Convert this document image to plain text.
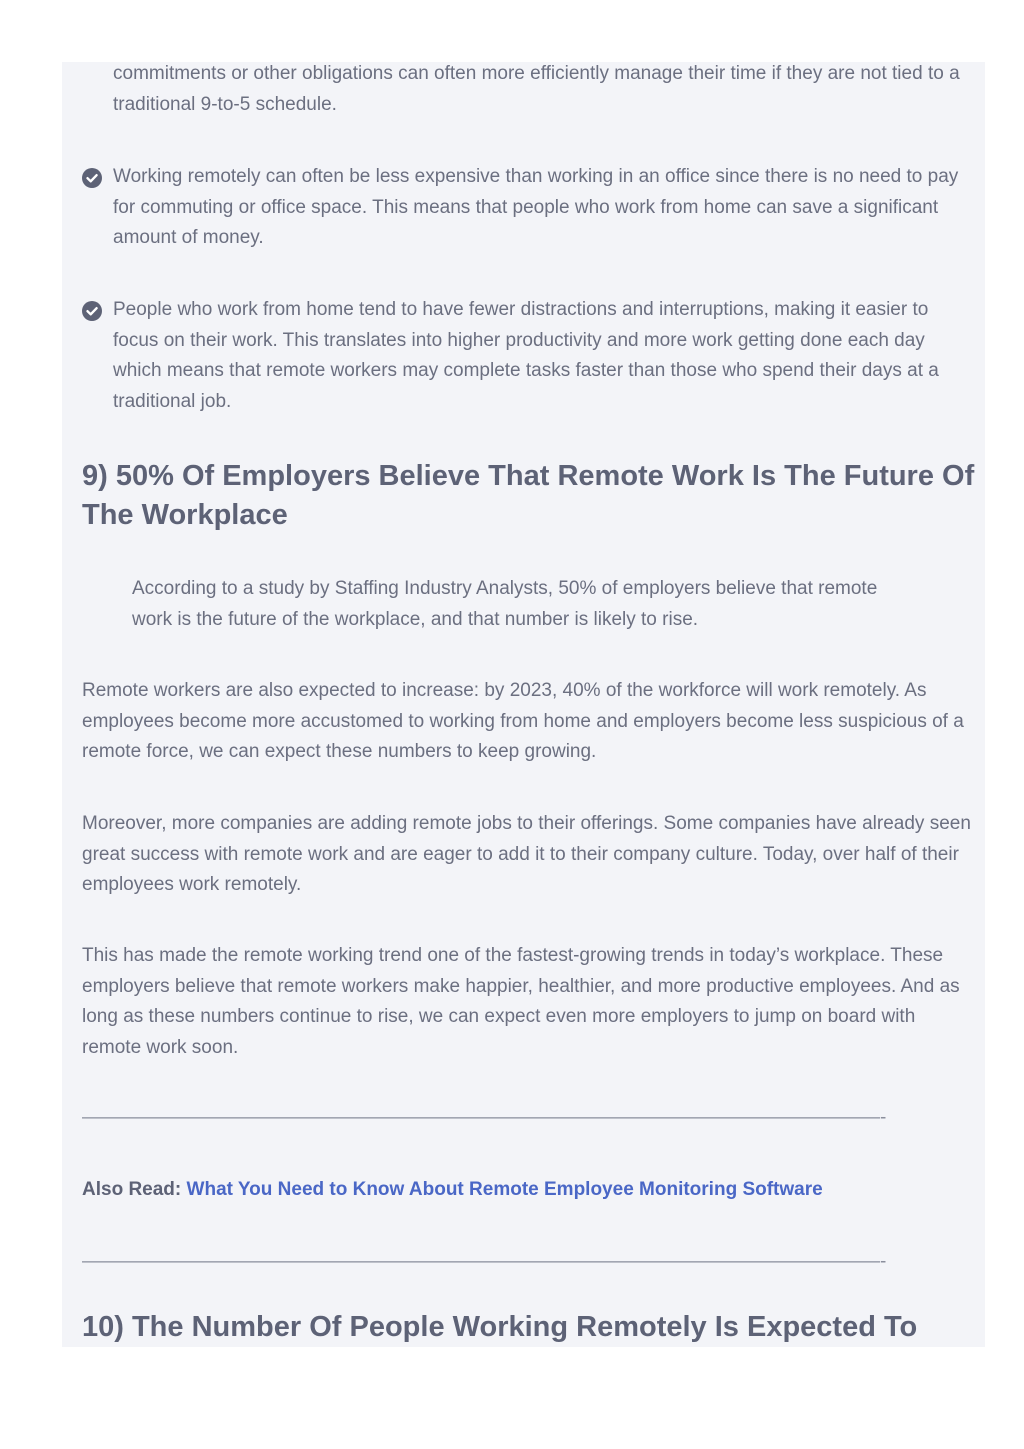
commitments or other obligations can often more efficiently manage their time if they are not tied to a traditional 9-to-5 schedule.

Working remotely can often be less expensive than working in an office since there is no need to pay for commuting or office space. This means that people who work from home can save a significant amount of money.

People who work from home tend to have fewer distractions and interruptions, making it easier to focus on their work. This translates into higher productivity and more work getting done each day which means that remote workers may complete tasks faster than those who spend their days at a traditional job.

9) 50% Of Employers Believe That Remote Work Is The Future Of The Workplace

According to a study by Staffing Industry Analysts, 50% of employers believe that remote work is the future of the workplace, and that number is likely to rise.

Remote workers are also expected to increase: by 2023, 40% of the workforce will work remotely. As employees become more accustomed to working from home and employers become less suspicious of a remote force, we can expect these numbers to keep growing.

Moreover, more companies are adding remote jobs to their offerings. Some companies have already seen great success with remote work and are eager to add it to their company culture. Today, over half of their employees work remotely.

This has made the remote working trend one of the fastest-growing trends in today’s workplace. These employers believe that remote workers make happier, healthier, and more productive employees. And as long as these numbers continue to rise, we can expect even more employers to jump on board with remote work soon.

——————————————————————————————————————————-
Also Read: What You Need to Know About Remote Employee Monitoring Software
——————————————————————————————————————————-
10) The Number Of People Working Remotely Is Expected To
